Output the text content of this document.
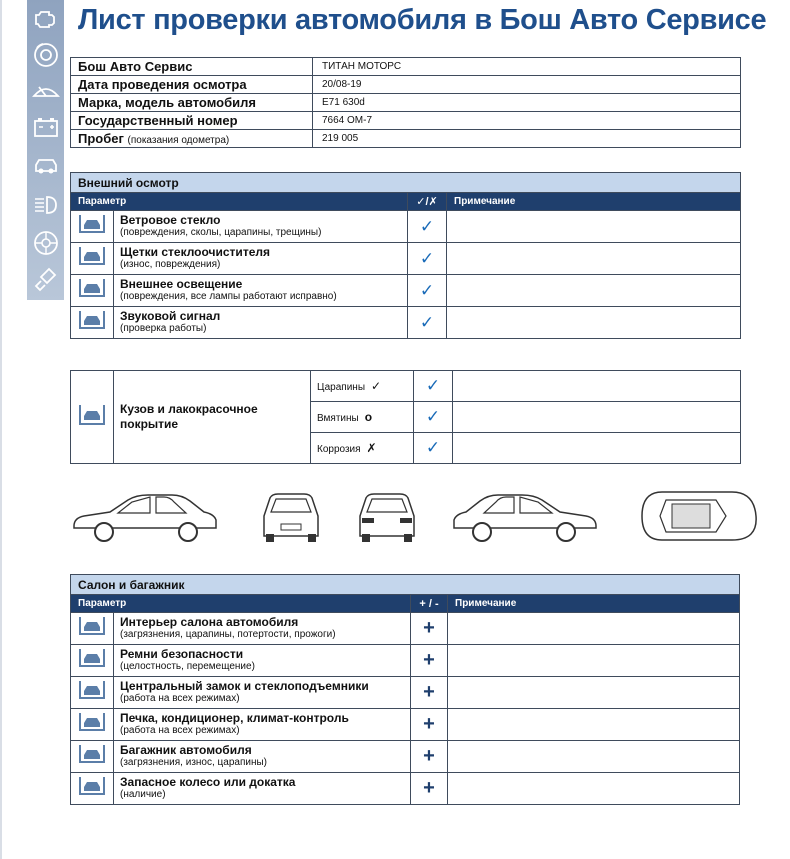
Лист проверки автомобиля в Бош Авто Сервисе
Бош Авто Сервис	ТИТАН МОТОРС
Дата проведения осмотра	20/08-19
Марка, модель автомобиля	E71 630d
Государственный номер	7664 ОМ-7
Пробег (показания одометра)	219 005
Внешний осмотр			
Параметр		✓/✗	Примечание

Ветровое стекло
(повреждения, сколы, царапины, трещины)	✓	

Щетки стеклоочистителя
(износ, повреждения)	✓	

Внешнее освещение
(повреждения, все лампы работают исправно)	✓	

Звуковой сигнал
(проверка работы)	✓	
	Кузов и лакокрасочное покрытие	Царапины ✓	✓	
		Вмятины o	✓	
		Коррозия ✗	✓	
Салон и багажник			
Параметр		+ / -	Примечание

Интерьер салона автомобиля
(загрязнения, царапины, потертости, прожоги)	+	

Ремни безопасности
(целостность, перемещение)	+	

Центральный замок и стеклоподъемники
(работа на всех режимах)	+	

Печка, кондиционер, климат-контроль
(работа на всех режимах)	+	

Багажник автомобиля
(загрязнения, износ, царапины)	+	

Запасное колесо или докатка
(наличие)	+	
